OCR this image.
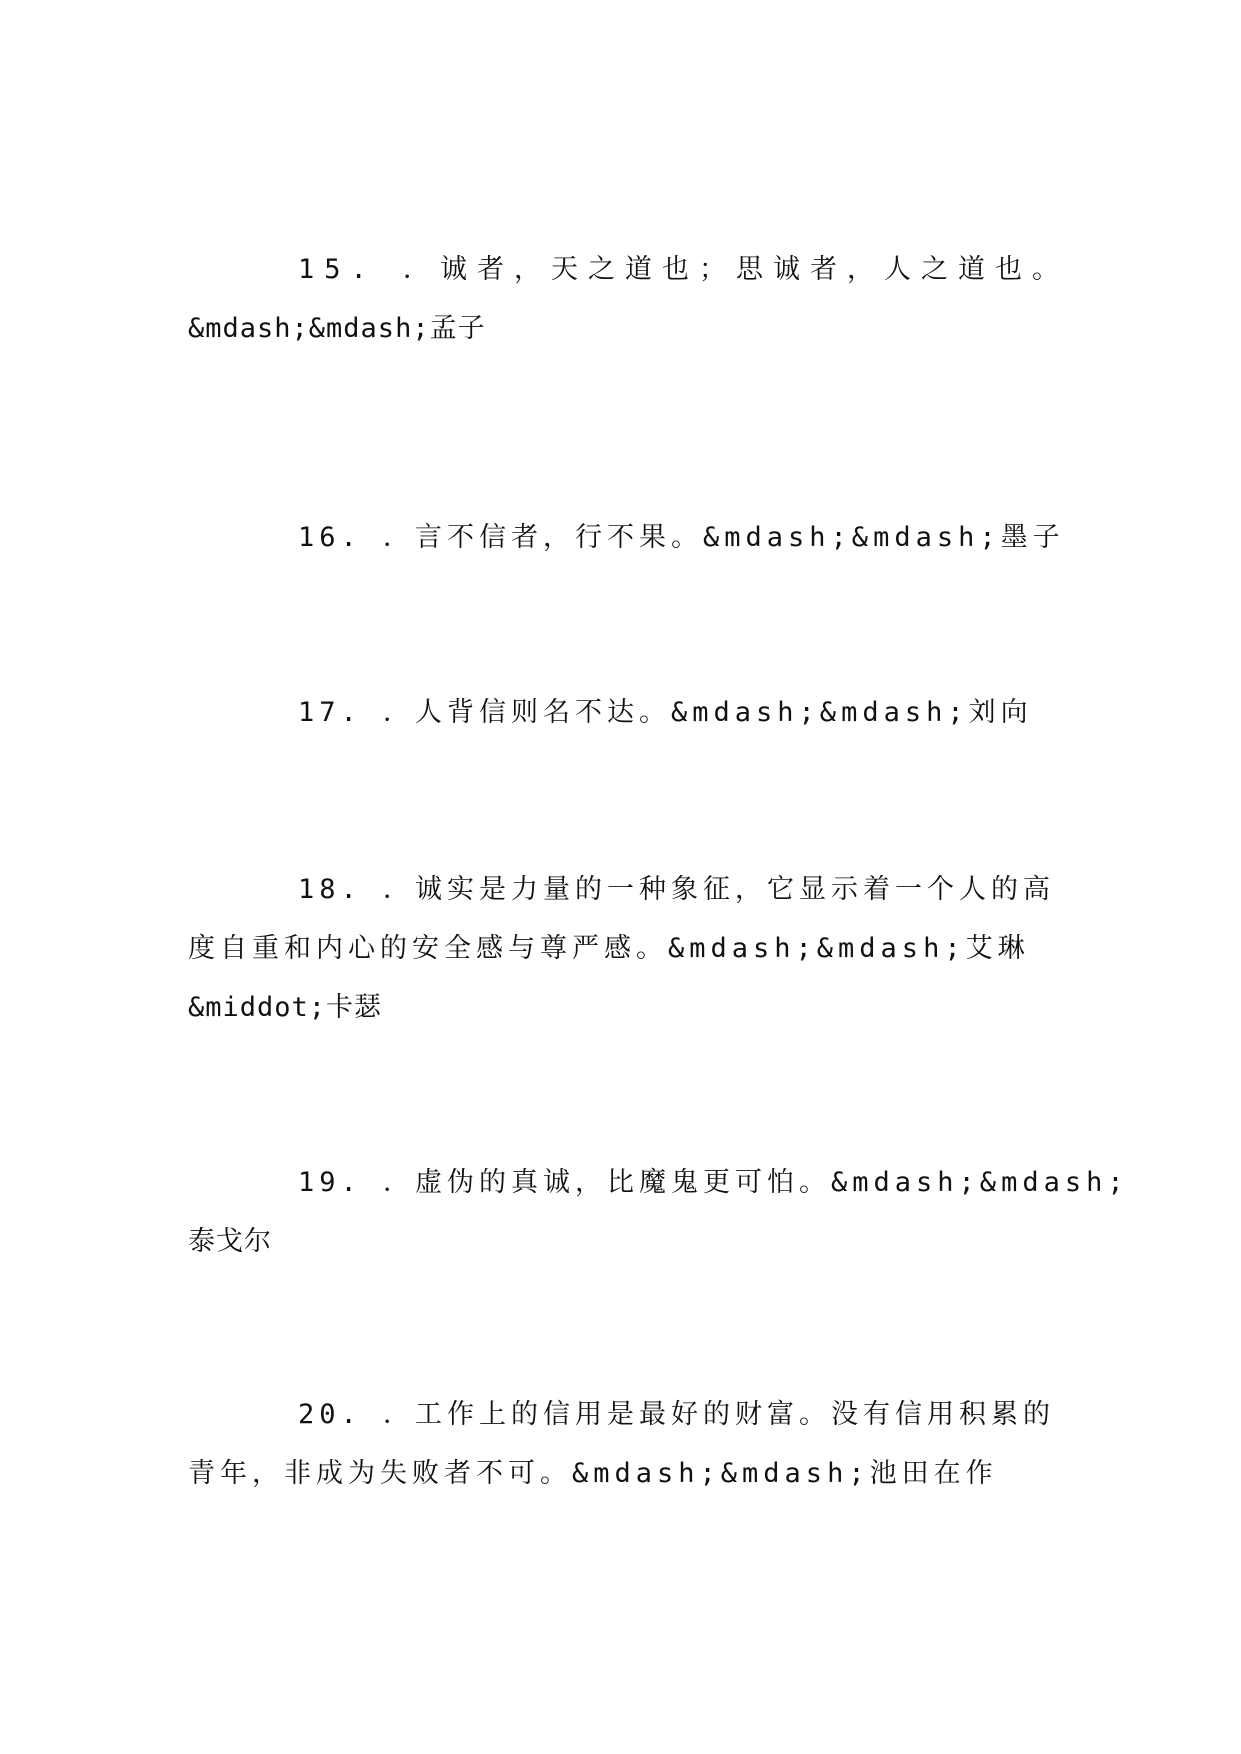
15. ．诚者，天之道也；思诚者，人之道也。
&mdash;&mdash;孟子
16. ．言不信者，行不果。&mdash;&mdash;墨子
17. ．人背信则名不达。&mdash;&mdash;刘向
18. ．诚实是力量的一种象征，它显示着一个人的高
度自重和内心的安全感与尊严感。&mdash;&mdash;艾琳
&middot;卡瑟
19. ．虚伪的真诚，比魔鬼更可怕。&mdash;&mdash;
泰戈尔
20. ．工作上的信用是最好的财富。没有信用积累的
青年，非成为失败者不可。&mdash;&mdash;池田在作
